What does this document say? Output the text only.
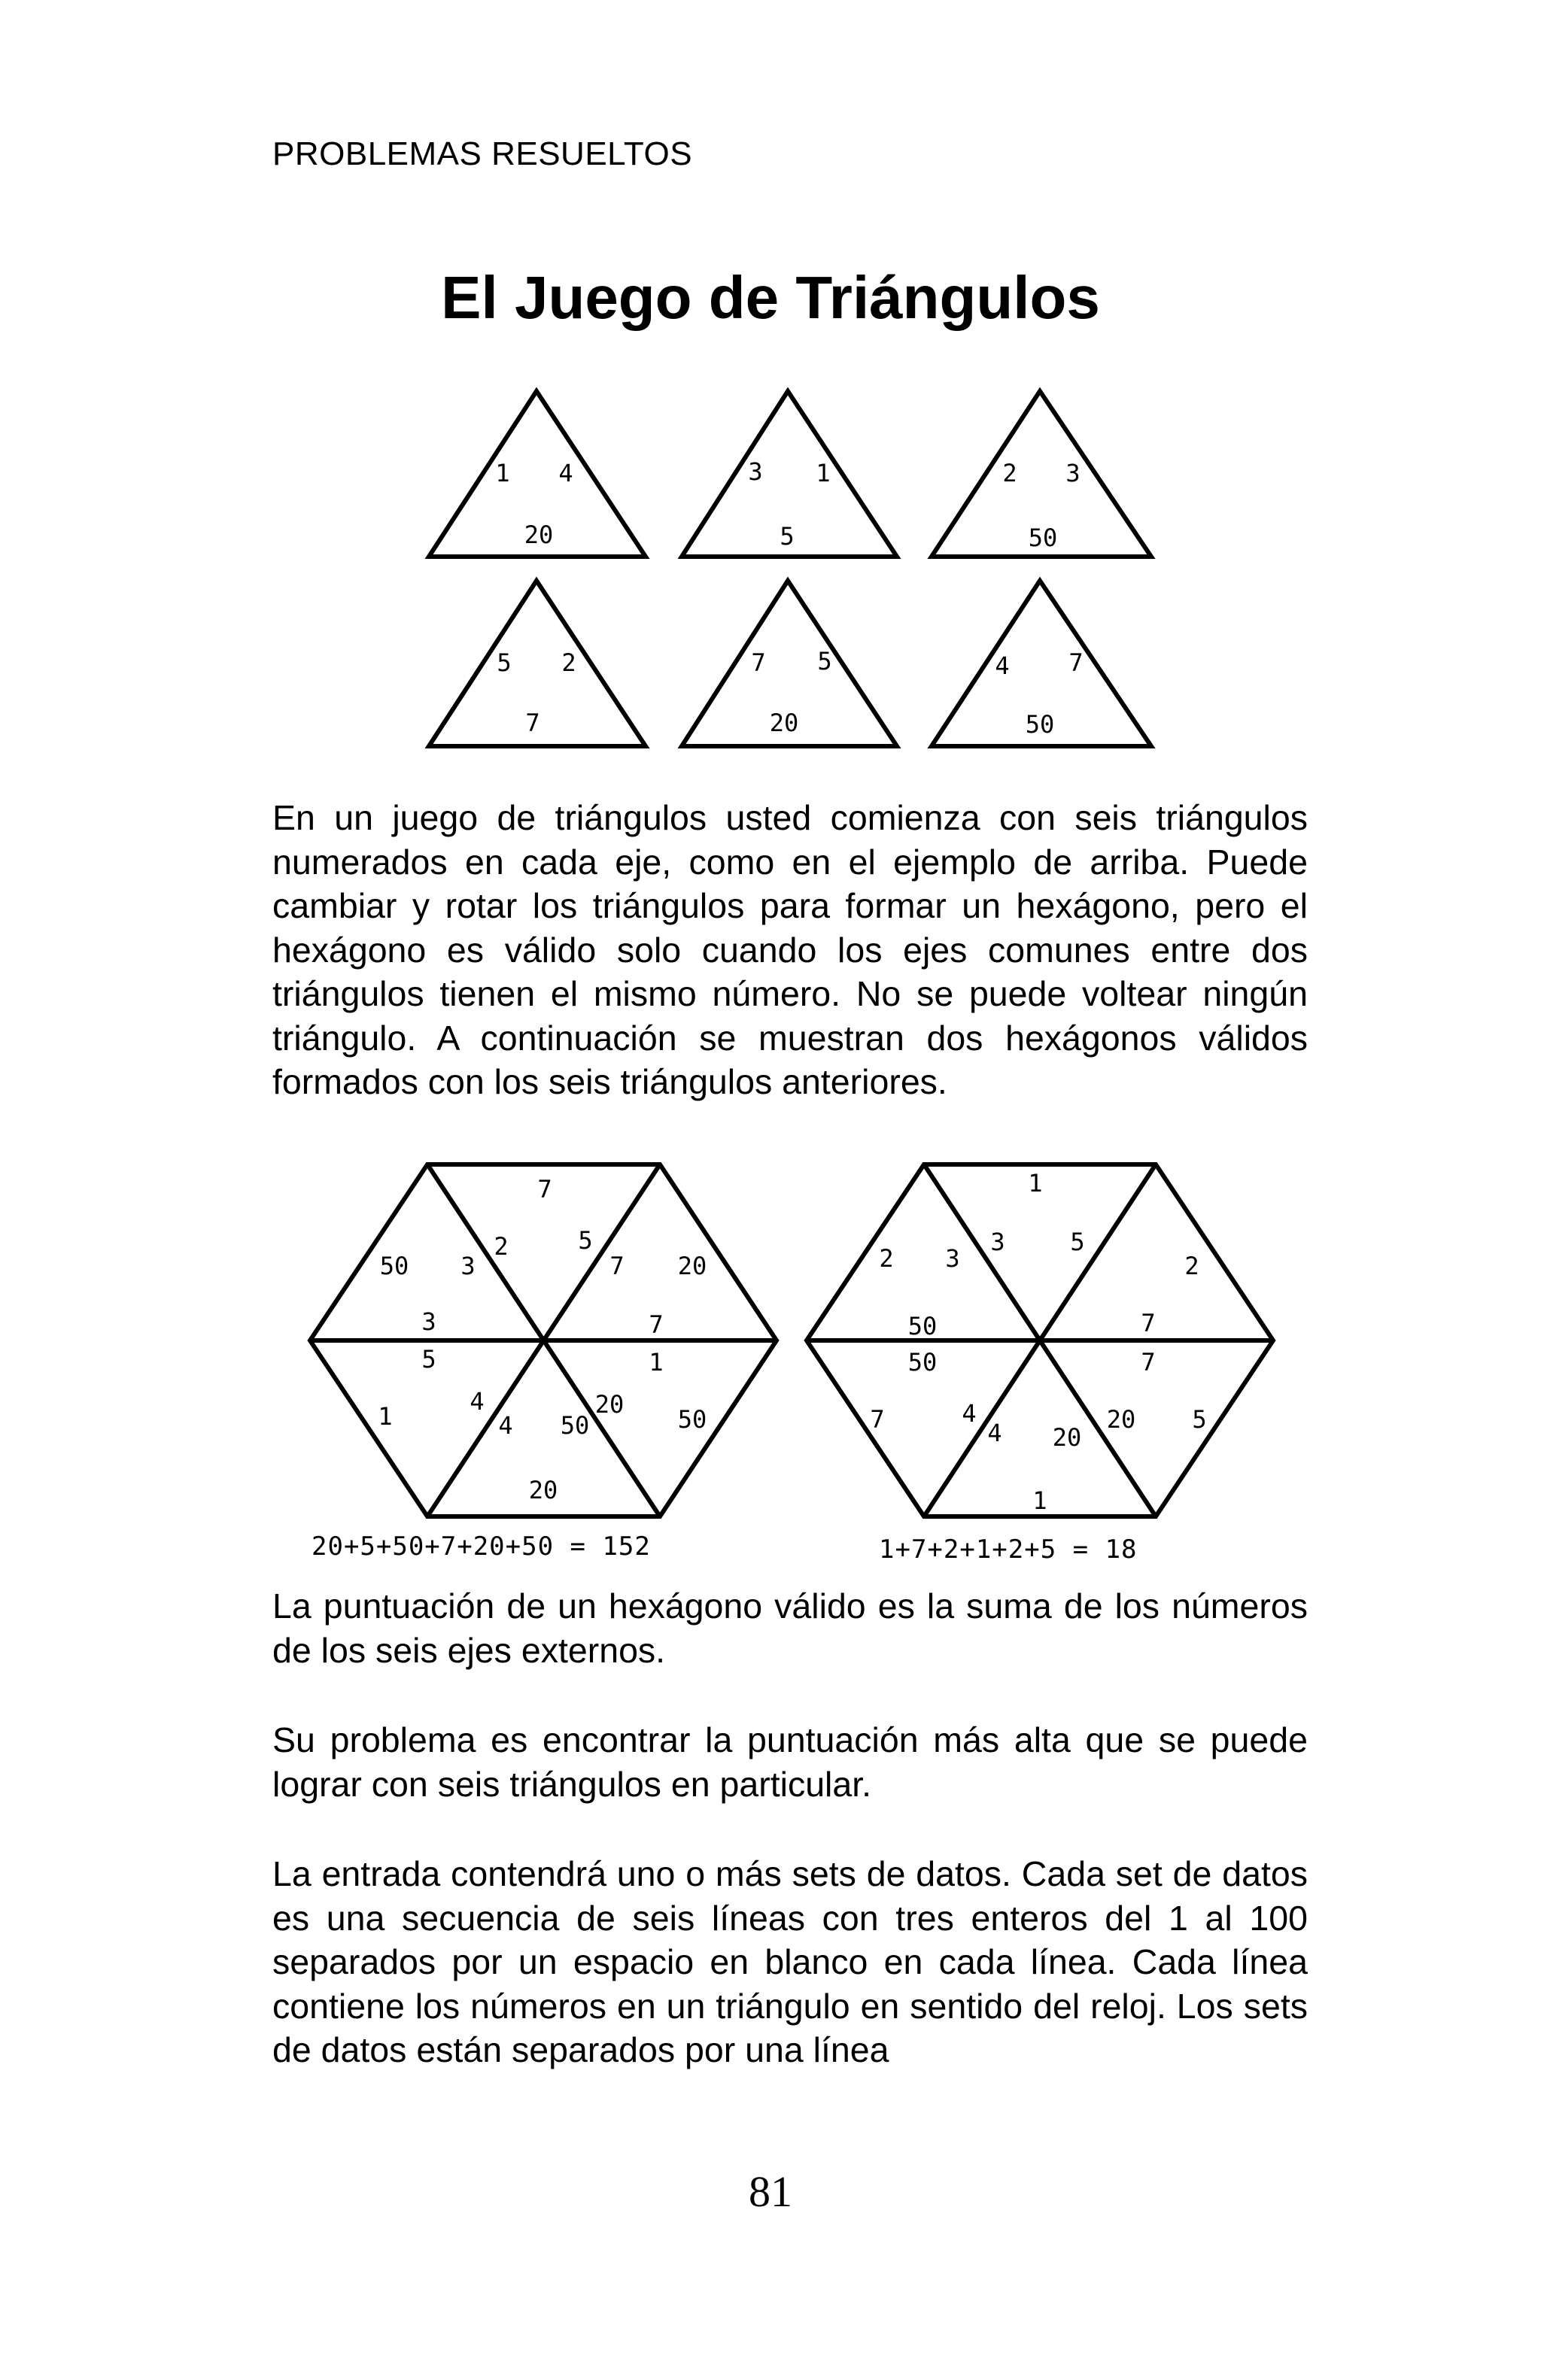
PROBLEMAS RESUELTOS
El Juego de Triángulos
1 4
20
3 1
5
2 3
50
5 2
7
7 5
20
4 7
50

En un juego de triángulos usted comienza con seis triángulos numerados en cada eje, como en el ejemplo de arriba. Puede cambiar y rotar los triángulos para formar un hexágono, pero el hexágono es válido solo cuando los ejes comunes entre dos triángulos tienen el mismo número. No se puede voltear ningún triángulo. A continuación se muestran dos hexágonos válidos formados con los seis triángulos anteriores.

7
2	5
50	20
3	7
3	7
5	1
1
4
4 50
20
50
20
1
3	5
2
3
2
50	7
50	7
7	4
4 20
20 5
1
20+5+50+7+20+50 = 152	1+7+2+1+2+5 = 18

La puntuación de un hexágono válido es la suma de los números de los seis ejes externos.

Su problema es encontrar la puntuación más alta que se puede lograr con seis triángulos en particular.

La entrada contendrá uno o más sets de datos. Cada set de datos es una secuencia de seis líneas con tres enteros del 1 al 100 separados por un espacio en blanco en cada línea. Cada línea contiene los números en un triángulo en sentido del reloj. Los sets de datos están separados por una línea

81
